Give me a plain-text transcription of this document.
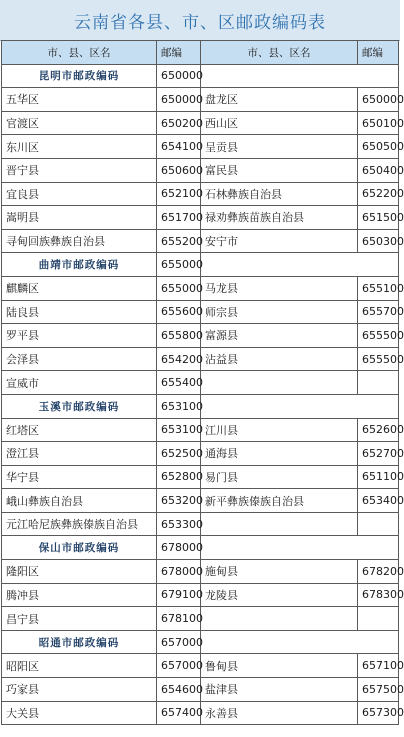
云南省各县、市、区邮政编码表
市、县、区名	邮编	市、县、区名	邮编
昆明市邮政编码	650000		
五华区	650000	盘龙区	650000
官渡区	650200	西山区	650100
东川区	654100	呈贡县	650500
晋宁县	650600	富民县	650400
宜良县	652100	石林彝族自治县	652200
嵩明县	651700	禄劝彝族苗族自治县	651500
寻甸回族彝族自治县	655200	安宁市	650300
曲靖市邮政编码	655000		
麒麟区	655000	马龙县	655100
陆良县	655600	师宗县	655700
罗平县	655800	富源县	655500
会泽县	654200	沾益县	655500
宣威市	655400		
玉溪市邮政编码	653100		
红塔区	653100	江川县	652600
澄江县	652500	通海县	652700
华宁县	652800	易门县	651100
峨山彝族自治县	653200	新平彝族傣族自治县	653400
元江哈尼族彝族傣族自治县	653300		
保山市邮政编码	678000		
隆阳区	678000	施甸县	678200
腾冲县	679100	龙陵县	678300
昌宁县	678100		
昭通市邮政编码	657000		
昭阳区	657000	鲁甸县	657100
巧家县	654600	盐津县	657500
大关县	657400	永善县	657300
